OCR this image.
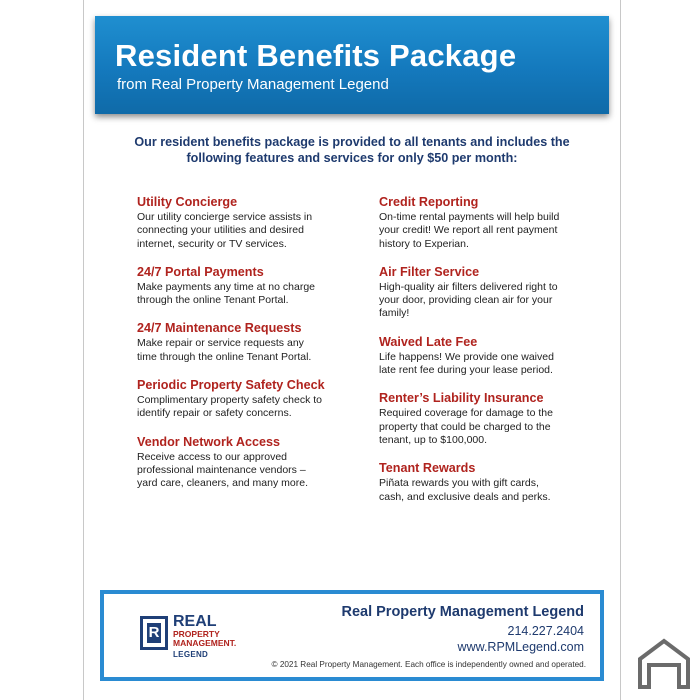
Resident Benefits Package
from Real Property Management Legend
Our resident benefits package is provided to all tenants and includes the
following features and services for only $50 per month:
Utility Concierge
Our utility concierge service assists in connecting your utilities and desired internet, security or TV services.
24/7 Portal Payments
Make payments any time at no charge through the online Tenant Portal.
24/7 Maintenance Requests
Make repair or service requests any time through the online Tenant Portal.
Periodic Property Safety Check
Complimentary property safety check to identify repair or safety concerns.
Vendor Network Access
Receive access to our approved professional maintenance vendors – yard care, cleaners, and many more.
Credit Reporting
On-time rental payments will help build your credit! We report all rent payment history to Experian.
Air Filter Service
High-quality air filters delivered right to your door, providing clean air for your family!
Waived Late Fee
Life happens! We provide one waived late rent fee during your lease period.
Renter’s Liability Insurance
Required coverage for damage to the property that could be charged to the tenant, up to $100,000.
Tenant Rewards
Piñata rewards you with gift cards, cash, and exclusive deals and perks.
R
REAL
PROPERTY
MANAGEMENT.
LEGEND
Real Property Management Legend
214.227.2404
www.RPMLegend.com
© 2021 Real Property Management. Each office is independently owned and operated.
